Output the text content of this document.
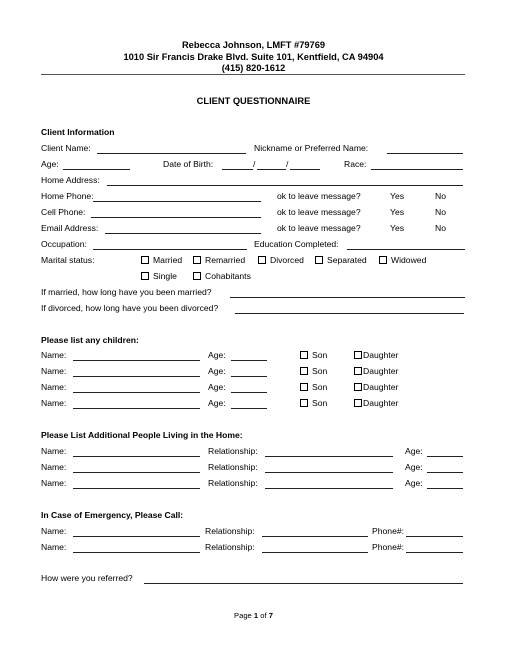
Rebecca Johnson, LMFT #79769
1010 Sir Francis Drake Blvd. Suite 101, Kentfield, CA 94904
(415) 820-1612
CLIENT QUESTIONNAIRE
Client Information
Client Name:	Nickname or Preferred Name:
Age:	Date of Birth:	/	/	Race:
Home Address:
Home Phone:	ok to leave message?	Yes	No
Cell Phone:	ok to leave message?	Yes	No
Email Address:	ok to leave message?	Yes	No
Occupation:	Education Completed:
Marital status:	Married	Remarried	Divorced	Separated	Widowed
Single	Cohabitants
If married, how long have you been married?
If divorced, how long have you been divorced?
Please list any children:
Name:	Age:	Son	Daughter
Name:	Age:	Son	Daughter
Name:	Age:	Son	Daughter
Name:	Age:	Son	Daughter
Please List Additional People Living in the Home:
Name:	Relationship:	Age:
Name:	Relationship:	Age:
Name:	Relationship:	Age:
In Case of Emergency, Please Call:
Name:	Relationship:	Phone#:
Name:	Relationship:	Phone#:
How were you referred?
Page 1 of 7
